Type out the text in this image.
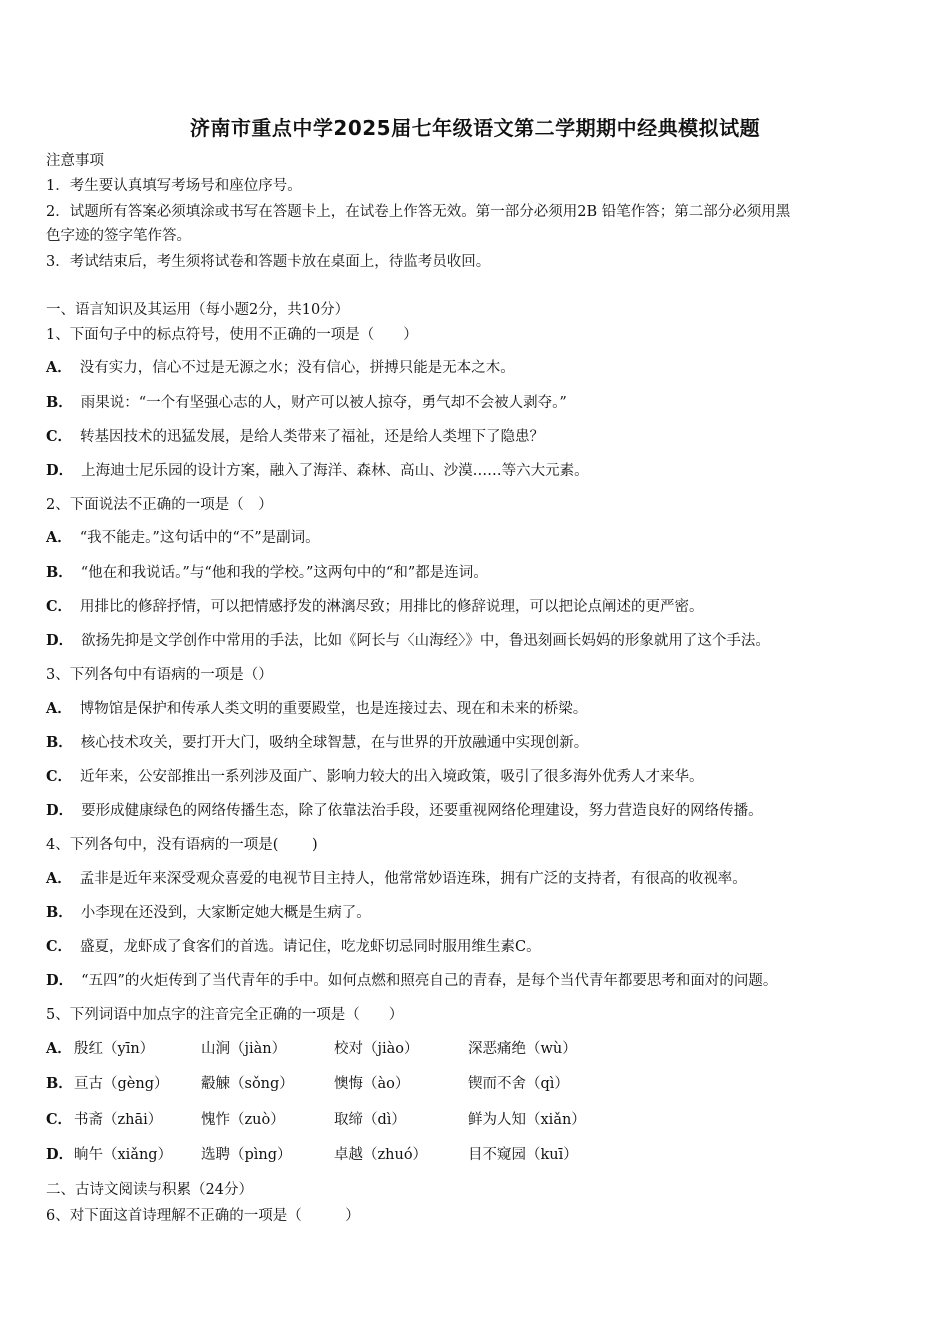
济南市重点中学2025届七年级语文第二学期期中经典模拟试题
注意事项
1．考生要认真填写考场号和座位序号。
2．试题所有答案必须填涂或书写在答题卡上，在试卷上作答无效。第一部分必须用2B 铅笔作答；第二部分必须用黑
色字迹的签字笔作答。
3．考试结束后，考生须将试卷和答题卡放在桌面上，待监考员收回。
一、语言知识及其运用（每小题2分，共10分）
1、下面句子中的标点符号，使用不正确的一项是（　　）
A． 没有实力，信心不过是无源之水；没有信心，拼搏只能是无本之木。
B． 雨果说：“一个有坚强心志的人，财产可以被人掠夺，勇气却不会被人剥夺。”
C． 转基因技术的迅猛发展，是给人类带来了福祉，还是给人类埋下了隐患？
D． 上海迪士尼乐园的设计方案，融入了海洋、森林、高山、沙漠……等六大元素。
2、下面说法不正确的一项是（　）
A． “我不能走。”这句话中的“不”是副词。
B． “他在和我说话。”与“他和我的学校。”这两句中的“和”都是连词。
C． 用排比的修辞抒情，可以把情感抒发的淋漓尽致；用排比的修辞说理，可以把论点阐述的更严密。
D． 欲扬先抑是文学创作中常用的手法，比如《阿长与〈山海经〉》中，鲁迅刻画长妈妈的形象就用了这个手法。
3、下列各句中有语病的一项是（）
A． 博物馆是保护和传承人类文明的重要殿堂，也是连接过去、现在和未来的桥梁。
B． 核心技术攻关，要打开大门，吸纳全球智慧，在与世界的开放融通中实现创新。
C． 近年来，公安部推出一系列涉及面广、影响力较大的出入境政策，吸引了很多海外优秀人才来华。
D． 要形成健康绿色的网络传播生态，除了依靠法治手段，还要重视网络伦理建设，努力营造良好的网络传播。
4、下列各句中，没有语病的一项是(　　 )
A． 孟非是近年来深受观众喜爱的电视节目主持人，他常常妙语连珠，拥有广泛的支持者，有很高的收视率。
B． 小李现在还没到，大家断定她大概是生病了。
C． 盛夏，龙虾成了食客们的首选。请记住，吃龙虾切忌同时服用维生素C。
D． “五四”的火炬传到了当代青年的手中。如何点燃和照亮自己的青春，是每个当代青年都要思考和面对的问题。
5、下列词语中加点字的注音完全正确的一项是（　　）
A． 殷红（yīn）	山涧（jiàn）	校对（jiào）	深恶痛绝（wù）
B． 亘古（gèng） 觳觫（sǒng）	懊悔（ào）	锲而不舍（qì）
C． 书斋（zhāi）	愧怍（zuò）	取缔（dì）	鲜为人知（xiǎn）
D． 晌午（xiǎng） 选聘（pìng）	卓越（zhuó）	目不窥园（kuī）
二、古诗文阅读与积累（24分）
6、对下面这首诗理解不正确的一项是（　　　）
